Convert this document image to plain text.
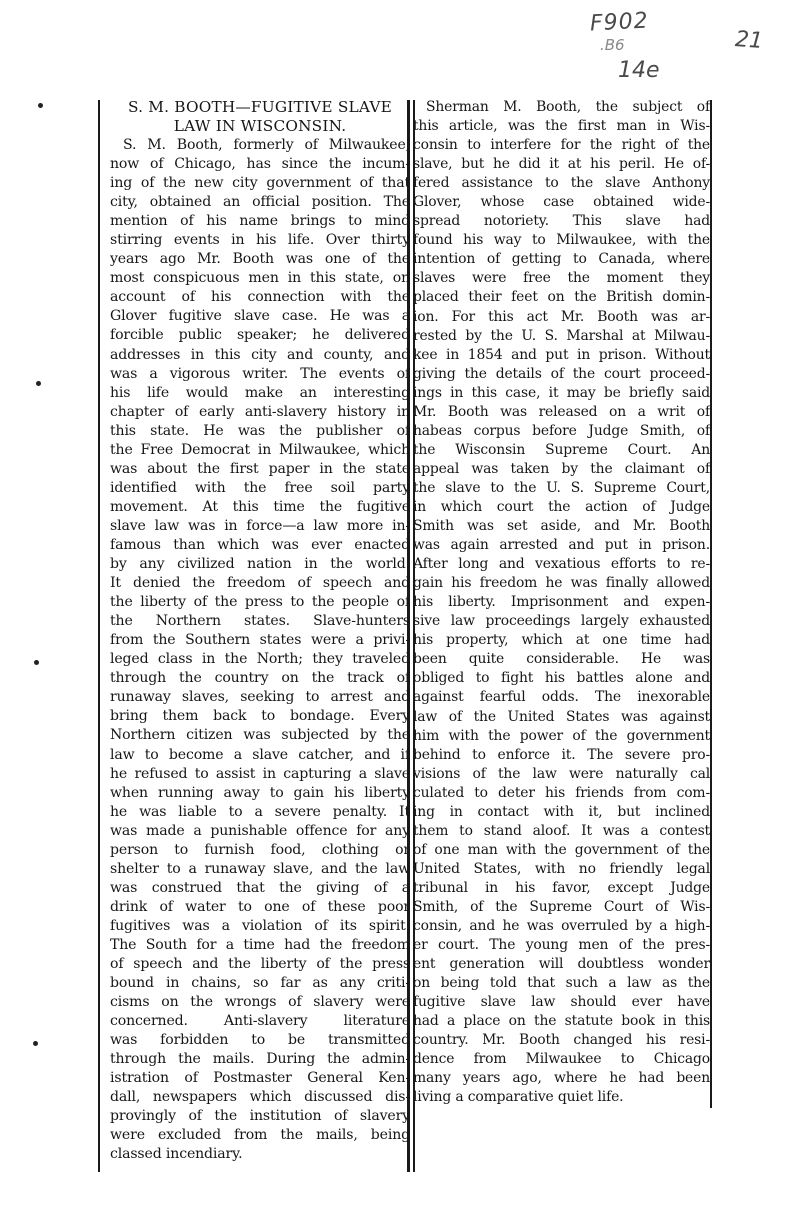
F902
.B6
14e
21
S. M. BOOTH—FUGITIVE SLAVE
LAW IN WISCONSIN.
S. M. Booth, formerly of Milwaukee,
now of Chicago, has since the incum-
ing of the new city government of that
city, obtained an official position. The
mention of his name brings to mind
stirring events in his life. Over thirty
years ago Mr. Booth was one of the
most conspicuous men in this state, on
account of his connection with the
Glover fugitive slave case. He was a
forcible public speaker; he delivered
addresses in this city and county, and
was a vigorous writer. The events of
his life would make an interesting
chapter of early anti-slavery history in
this state. He was the publisher of
the Free Democrat in Milwaukee, which
was about the first paper in the state
identified with the free soil party
movement. At this time the fugitive
slave law was in force—a law more in-
famous than which was ever enacted
by any civilized nation in the world.
It denied the freedom of speech and
the liberty of the press to the people of
the Northern states. Slave-hunters
from the Southern states were a privi-
leged class in the North; they traveled
through the country on the track of
runaway slaves, seeking to arrest and
bring them back to bondage. Every
Northern citizen was subjected by the
law to become a slave catcher, and if
he refused to assist in capturing a slave
when running away to gain his liberty
he was liable to a severe penalty. It
was made a punishable offence for any
person to furnish food, clothing or
shelter to a runaway slave, and the law
was construed that the giving of a
drink of water to one of these poor
fugitives was a violation of its spirit.
The South for a time had the freedom
of speech and the liberty of the press
bound in chains, so far as any criti-
cisms on the wrongs of slavery were
concerned. Anti-slavery literature
was forbidden to be transmitted
through the mails. During the admin-
istration of Postmaster General Ken-
dall, newspapers which discussed dis-
provingly of the institution of slavery
were excluded from the mails, being
classed incendiary.
Sherman M. Booth, the subject of
this article, was the first man in Wis-
consin to interfere for the right of the
slave, but he did it at his peril. He of-
fered assistance to the slave Anthony
Glover, whose case obtained wide-
spread notoriety. This slave had
found his way to Milwaukee, with the
intention of getting to Canada, where
slaves were free the moment they
placed their feet on the British domin-
ion. For this act Mr. Booth was ar-
rested by the U. S. Marshal at Milwau-
kee in 1854 and put in prison. Without
giving the details of the court proceed-
ings in this case, it may be briefly said
Mr. Booth was released on a writ of
habeas corpus before Judge Smith, of
the Wisconsin Supreme Court. An
appeal was taken by the claimant of
the slave to the U. S. Supreme Court,
in which court the action of Judge
Smith was set aside, and Mr. Booth
was again arrested and put in prison.
After long and vexatious efforts to re-
gain his freedom he was finally allowed
his liberty. Imprisonment and expen-
sive law proceedings largely exhausted
his property, which at one time had
been quite considerable. He was
obliged to fight his battles alone and
against fearful odds. The inexorable
law of the United States was against
him with the power of the government
behind to enforce it. The severe pro-
visions of the law were naturally cal
culated to deter his friends from com-
ing in contact with it, but inclined
them to stand aloof. It was a contest
of one man with the government of the
United States, with no friendly legal
tribunal in his favor, except Judge
Smith, of the Supreme Court of Wis-
consin, and he was overruled by a high-
er court. The young men of the pres-
ent generation will doubtless wonder
on being told that such a law as the
fugitive slave law should ever have
had a place on the statute book in this
country. Mr. Booth changed his resi-
dence from Milwaukee to Chicago
many years ago, where he had been
living a comparative quiet life.
